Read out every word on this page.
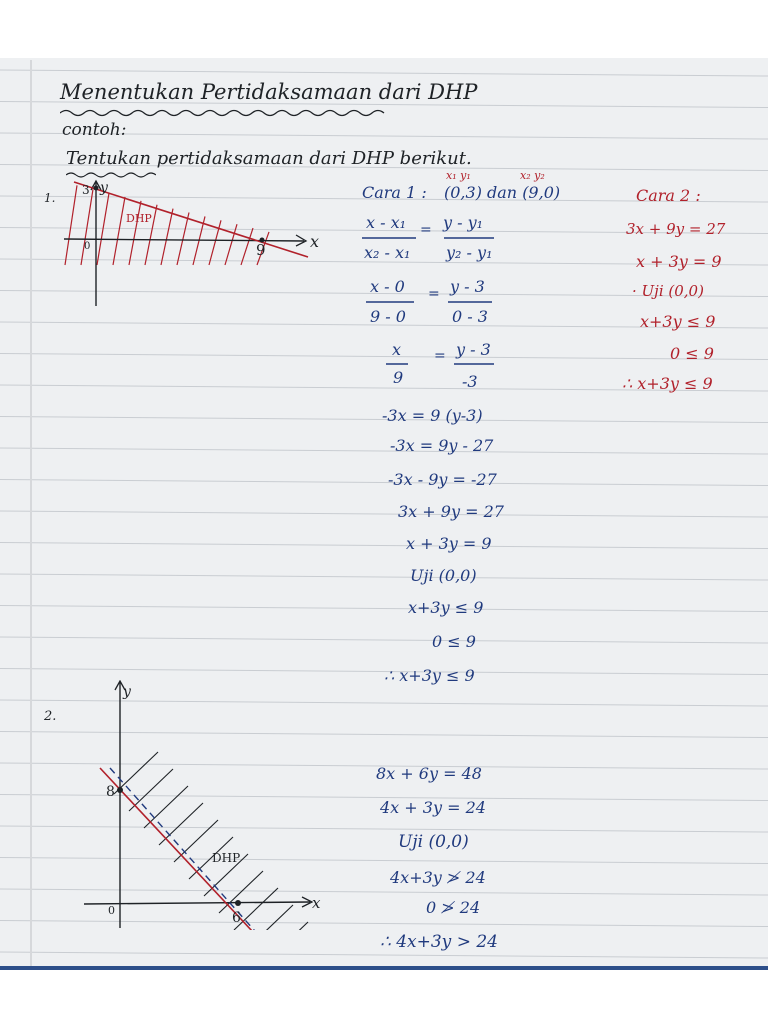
Menentukan Pertidaksamaan dari DHP
contoh:
Tentukan pertidaksamaan dari DHP berikut.
1.
x
y
3
9
0
DHP
Cara 1 :
x₁ y₁	x₂ y₂
(0,3) dan (9,0)
x - x₁ = y - y₁
x₂ - x₁ y₂ - y₁
x - 0 = y - 3
9 - 0	0 - 3
x = y - 3
9	-3
-3x = 9 (y-3)
-3x = 9y - 27
-3x - 9y = -27
3x + 9y = 27
x + 3y = 9
Uji (0,0)
x+3y ≤ 9
0 ≤ 9
∴ x+3y ≤ 9
Cara 2 :
3x + 9y = 27
x + 3y = 9
· Uji (0,0)
x+3y ≤ 9
0 ≤ 9
∴ x+3y ≤ 9
2.
x
y
8
6
0
DHP
8x + 6y = 48
4x + 3y = 24
Uji (0,0)
4x+3y ≯ 24
0 ≯ 24
∴ 4x+3y > 24
